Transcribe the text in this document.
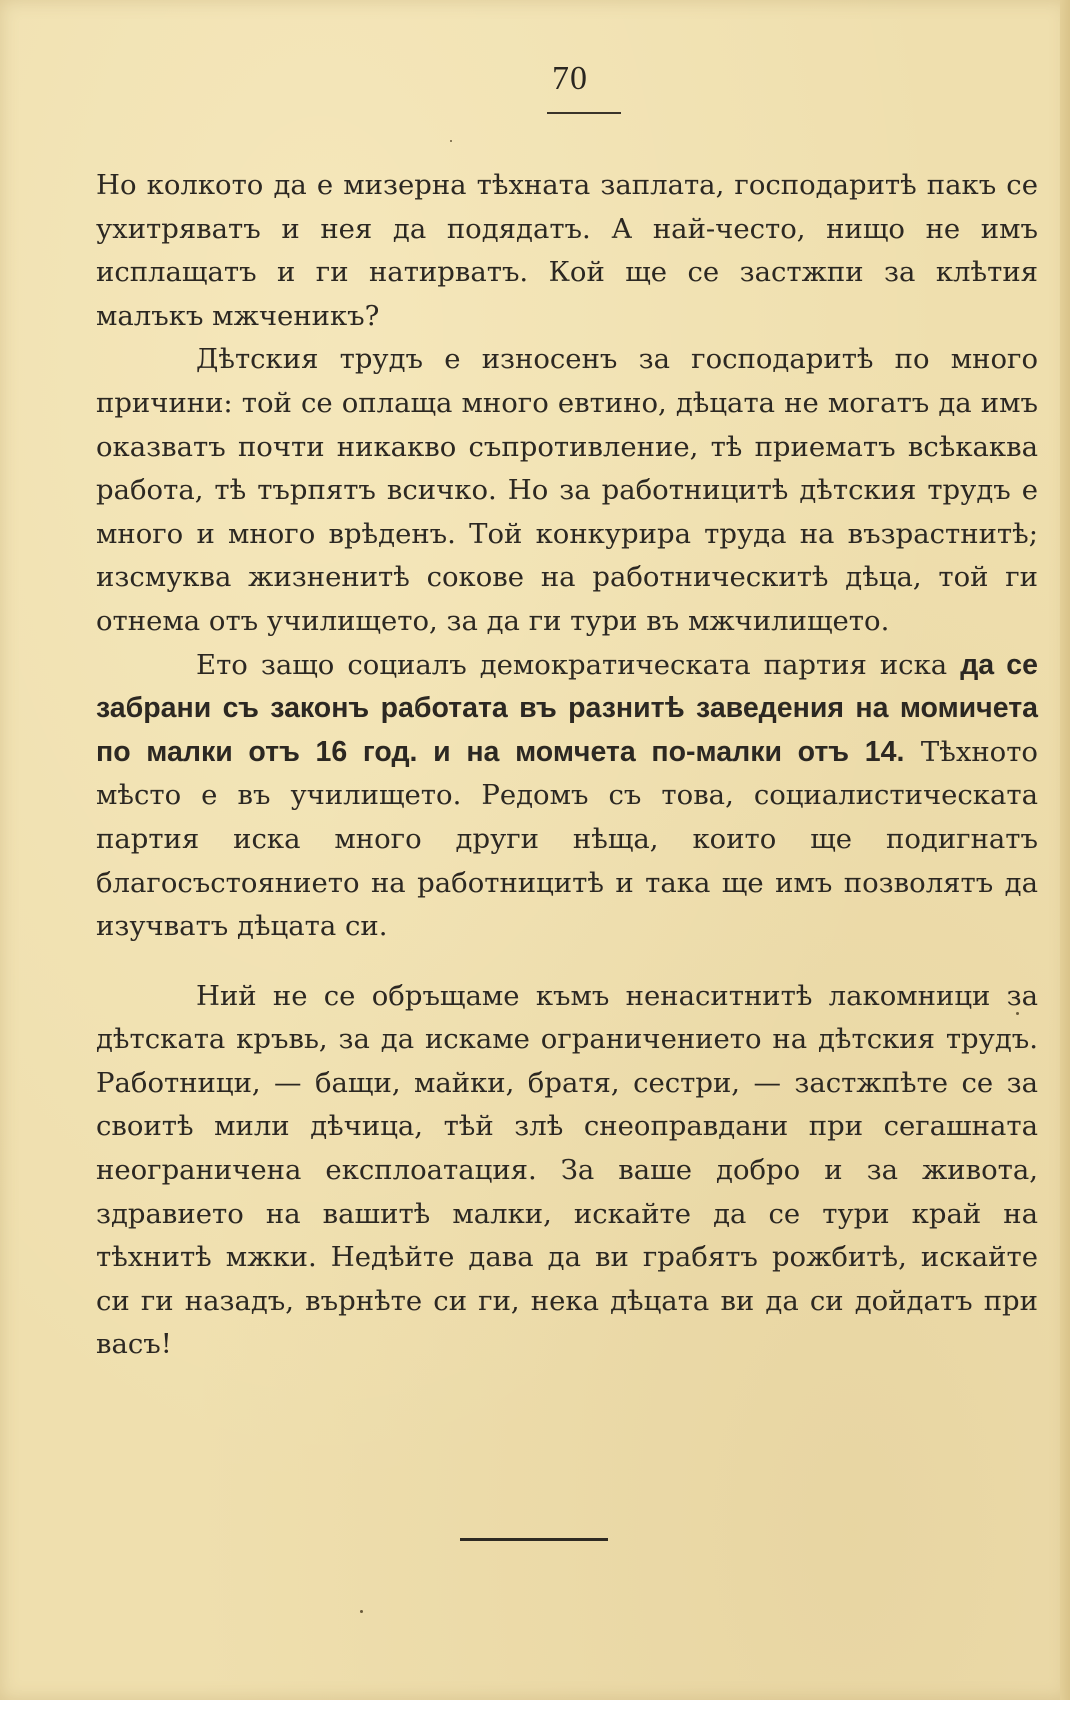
70

Но колкото да е мизерна тѣхната заплата, господаритѣ пакъ се ухитряватъ и нея да подядатъ. А най-често, нищо не имъ исплащатъ и ги натирватъ. Кой ще се застжпи за клѣтия малъкъ мжченикъ?

Дѣтския трудъ е износенъ за господаритѣ по много причини: той се оплаща много евтино, дѣцата не могатъ да имъ оказватъ почти никакво съпротивление, тѣ приематъ всѣкаква работа, тѣ търпятъ всичко. Но за работницитѣ дѣтския трудъ е много и много врѣденъ. Той конкурира труда на възрастнитѣ; изсмуква жизненитѣ сокове на работническитѣ дѣца, той ги отнема отъ училището, за да ги тури въ мжчилището.

Ето защо социалъ демократическата партия иска да се забрани съ законъ работата въ разнитѣ заведения на момичета по малки отъ 16 год. и на момчета по-малки отъ 14. Тѣхното мѣсто е въ училището. Редомъ съ това, социалистическата партия иска много други нѣща, които ще подигнатъ благосъстоянието на работницитѣ и така ще имъ позволятъ да изучватъ дѣцата си.

Ний не се обръщаме къмъ ненаситнитѣ лакомници за дѣтската кръвь, за да искаме ограничението на дѣтския трудъ. Работници, — бащи, майки, братя, сестри, — застжпѣте се за своитѣ мили дѣчица, тѣй злѣ снеоправдани при сегашната неограничена експлоатация. За ваше добро и за живота, здравието на вашитѣ малки, искайте да се тури край на тѣхнитѣ мжки. Недѣйте дава да ви грабятъ рожбитѣ, искайте си ги назадъ, върнѣте си ги, нека дѣцата ви да си дойдатъ при васъ!
